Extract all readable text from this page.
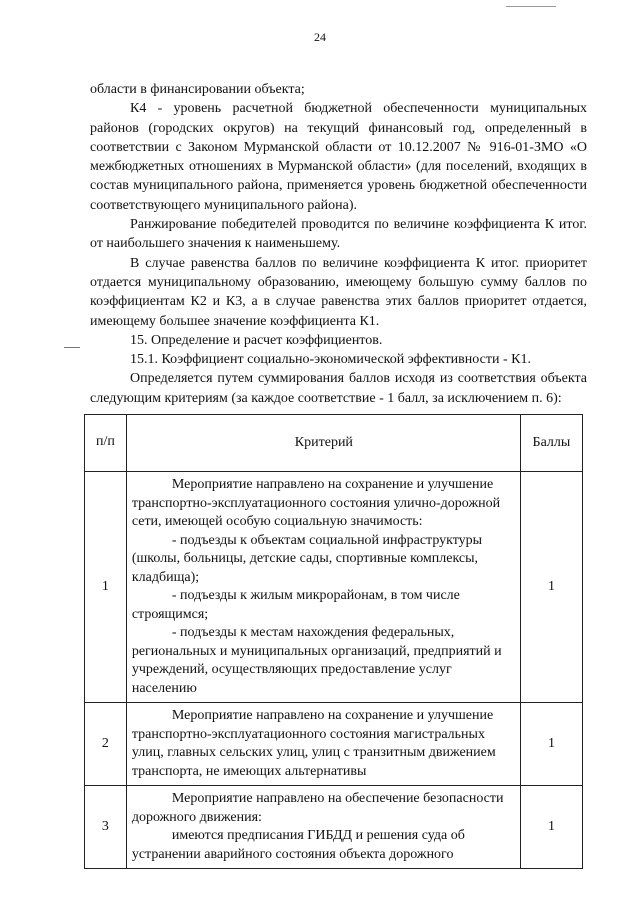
24

области в финансировании объекта;

К4 - уровень расчетной бюджетной обеспеченности муниципальных районов (городских округов) на текущий финансовый год, определенный в соответствии с Законом Мурманской области от 10.12.2007 № 916-01-ЗМО «О межбюджетных отношениях в Мурманской области» (для поселений, входящих в состав муниципального района, применяется уровень бюджетной обеспеченности соответствующего муниципального района).

Ранжирование победителей проводится по величине коэффициента К итог. от наибольшего значения к наименьшему.

В случае равенства баллов по величине коэффициента К итог. приоритет отдается муниципальному образованию, имеющему большую сумму баллов по коэффициентам К2 и К3, а в случае равенства этих баллов приоритет отдается, имеющему большее значение коэффициента К1.

15. Определение и расчет коэффициентов.

15.1. Коэффициент социально-экономической эффективности - К1.

Определяется путем суммирования баллов исходя из соответствия объекта следующим критериям (за каждое соответствие - 1 балл, за исключением п. 6):

п/п	Критерий	Баллы
1	Мероприятие направлено на сохранение и улучшение транспортно-эксплуатационного состояния улично-дорожной сети, имеющей особую социальную значимость:
- подъезды к объектам социальной инфраструктуры (школы, больницы, детские сады, спортивные комплексы, кладбища);
- подъезды к жилым микрорайонам, в том числе строящимся;
- подъезды к местам нахождения федеральных, региональных и муниципальных организаций, предприятий и учреждений, осуществляющих предоставление услуг населению	1
2	Мероприятие направлено на сохранение и улучшение транспортно-эксплуатационного состояния магистральных улиц, главных сельских улиц, улиц с транзитным движением транспорта, не имеющих альтернативы	1
3	Мероприятие направлено на обеспечение безопасности дорожного движения:
имеются предписания ГИБДД и решения суда об устранении аварийного состояния объекта дорожного	1
